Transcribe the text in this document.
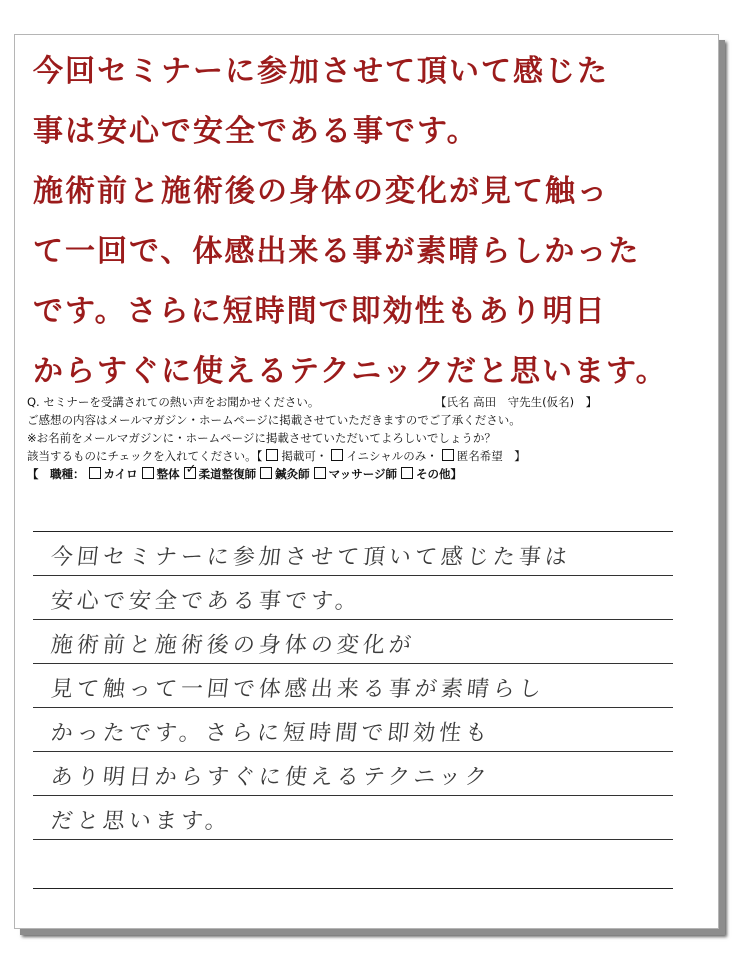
今回セミナーに参加させて頂いて感じた
事は安心で安全である事です。
施術前と施術後の身体の変化が見て触っ
て一回で、体感出来る事が素晴らしかった
です。さらに短時間で即効性もあり明日
からすぐに使えるテクニックだと思います。
Q. セミナーを受講されての熱い声をお聞かせください。	【氏名 高田　守先生(仮名)　】
ご感想の内容はメールマガジン・ホームページに掲載させていただきますのでご了承ください。
※お名前をメールマガジンに・ホームページに掲載させていただいてよろしいでしょうか？
該当するものにチェックを入れてください。【 掲載可・ イニシャルのみ・ 匿名希望　】
【　職種： カイロ 整体✓ 柔道整復師 鍼灸師 マッサージ師 その他】
今回セミナーに参加させて頂いて感じた事は
安心で安全である事です。
施術前と施術後の身体の変化が
見て触って一回で体感出来る事が素晴らし
かったです。さらに短時間で即効性も
あり明日からすぐに使えるテクニック
だと思います。
